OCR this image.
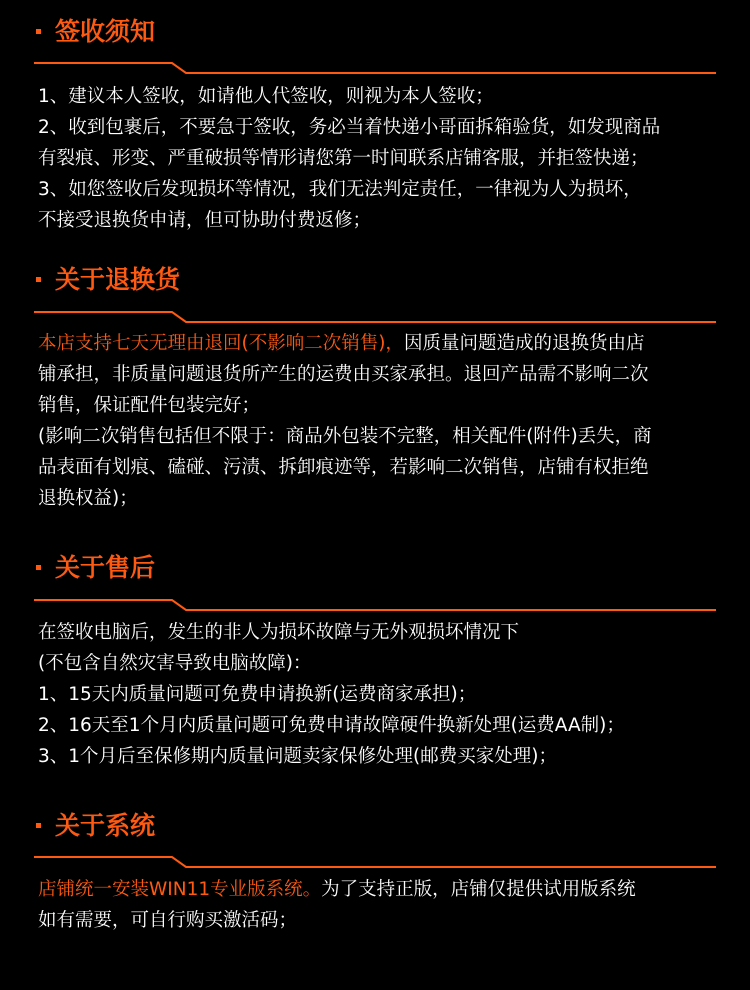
签收须知
1、建议本人签收，如请他人代签收，则视为本人签收；
2、收到包裹后，不要急于签收，务必当着快递小哥面拆箱验货，如发现商品
有裂痕、形变、严重破损等情形请您第一时间联系店铺客服，并拒签快递；
3、如您签收后发现损坏等情况，我们无法判定责任，一律视为人为损坏，
不接受退换货申请，但可协助付费返修；
关于退换货
本店支持七天无理由退回(不影响二次销售)，因质量问题造成的退换货由店
铺承担，非质量问题退货所产生的运费由买家承担。退回产品需不影响二次
销售，保证配件包装完好；
(影响二次销售包括但不限于：商品外包装不完整，相关配件(附件)丢失，商
品表面有划痕、磕碰、污渍、拆卸痕迹等，若影响二次销售，店铺有权拒绝
退换权益)；
关于售后
在签收电脑后，发生的非人为损坏故障与无外观损坏情况下
(不包含自然灾害导致电脑故障)：
1、15天内质量问题可免费申请换新(运费商家承担)；
2、16天至1个月内质量问题可免费申请故障硬件换新处理(运费AA制)；
3、1个月后至保修期内质量问题卖家保修处理(邮费买家处理)；
关于系统
店铺统一安装WIN11专业版系统。为了支持正版，店铺仅提供试用版系统
如有需要，可自行购买激活码；
